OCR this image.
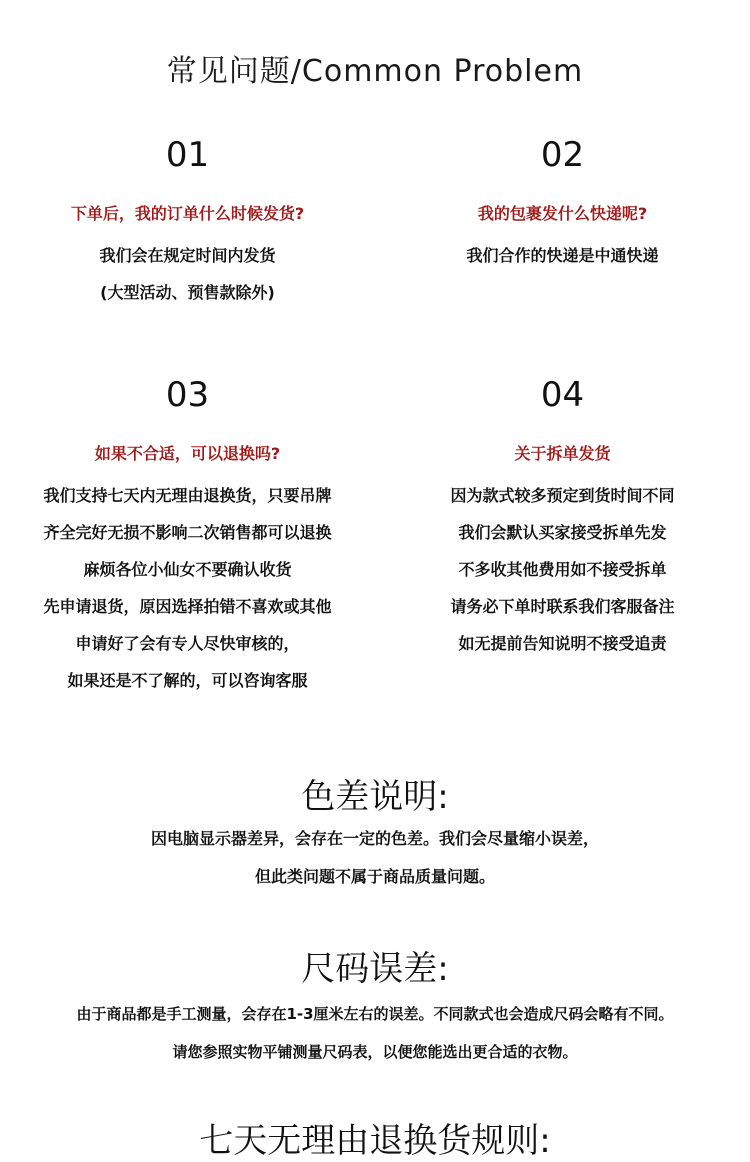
常见问题/Common Problem
01
下单后，我的订单什么时候发货?

我们会在规定时间内发货

(大型活动、预售款除外)

02
我的包裹发什么快递呢?

我们合作的快递是中通快递

03
如果不合适，可以退换吗?

我们支持七天内无理由退换货，只要吊牌

齐全完好无损不影响二次销售都可以退换

麻烦各位小仙女不要确认收货

先申请退货，原因选择拍错不喜欢或其他

申请好了会有专人尽快审核的，

如果还是不了解的，可以咨询客服

04
关于拆单发货

因为款式较多预定到货时间不同

我们会默认买家接受拆单先发

不多收其他费用如不接受拆单

请务必下单时联系我们客服备注

如无提前告知说明不接受追责

色差说明:

因电脑显示器差异，会存在一定的色差。我们会尽量缩小误差，

但此类问题不属于商品质量问题。

尺码误差:

由于商品都是手工测量，会存在1-3厘米左右的误差。不同款式也会造成尺码会略有不同。

请您参照实物平铺测量尺码表，以便您能选出更合适的衣物。

七天无理由退换货规则:
